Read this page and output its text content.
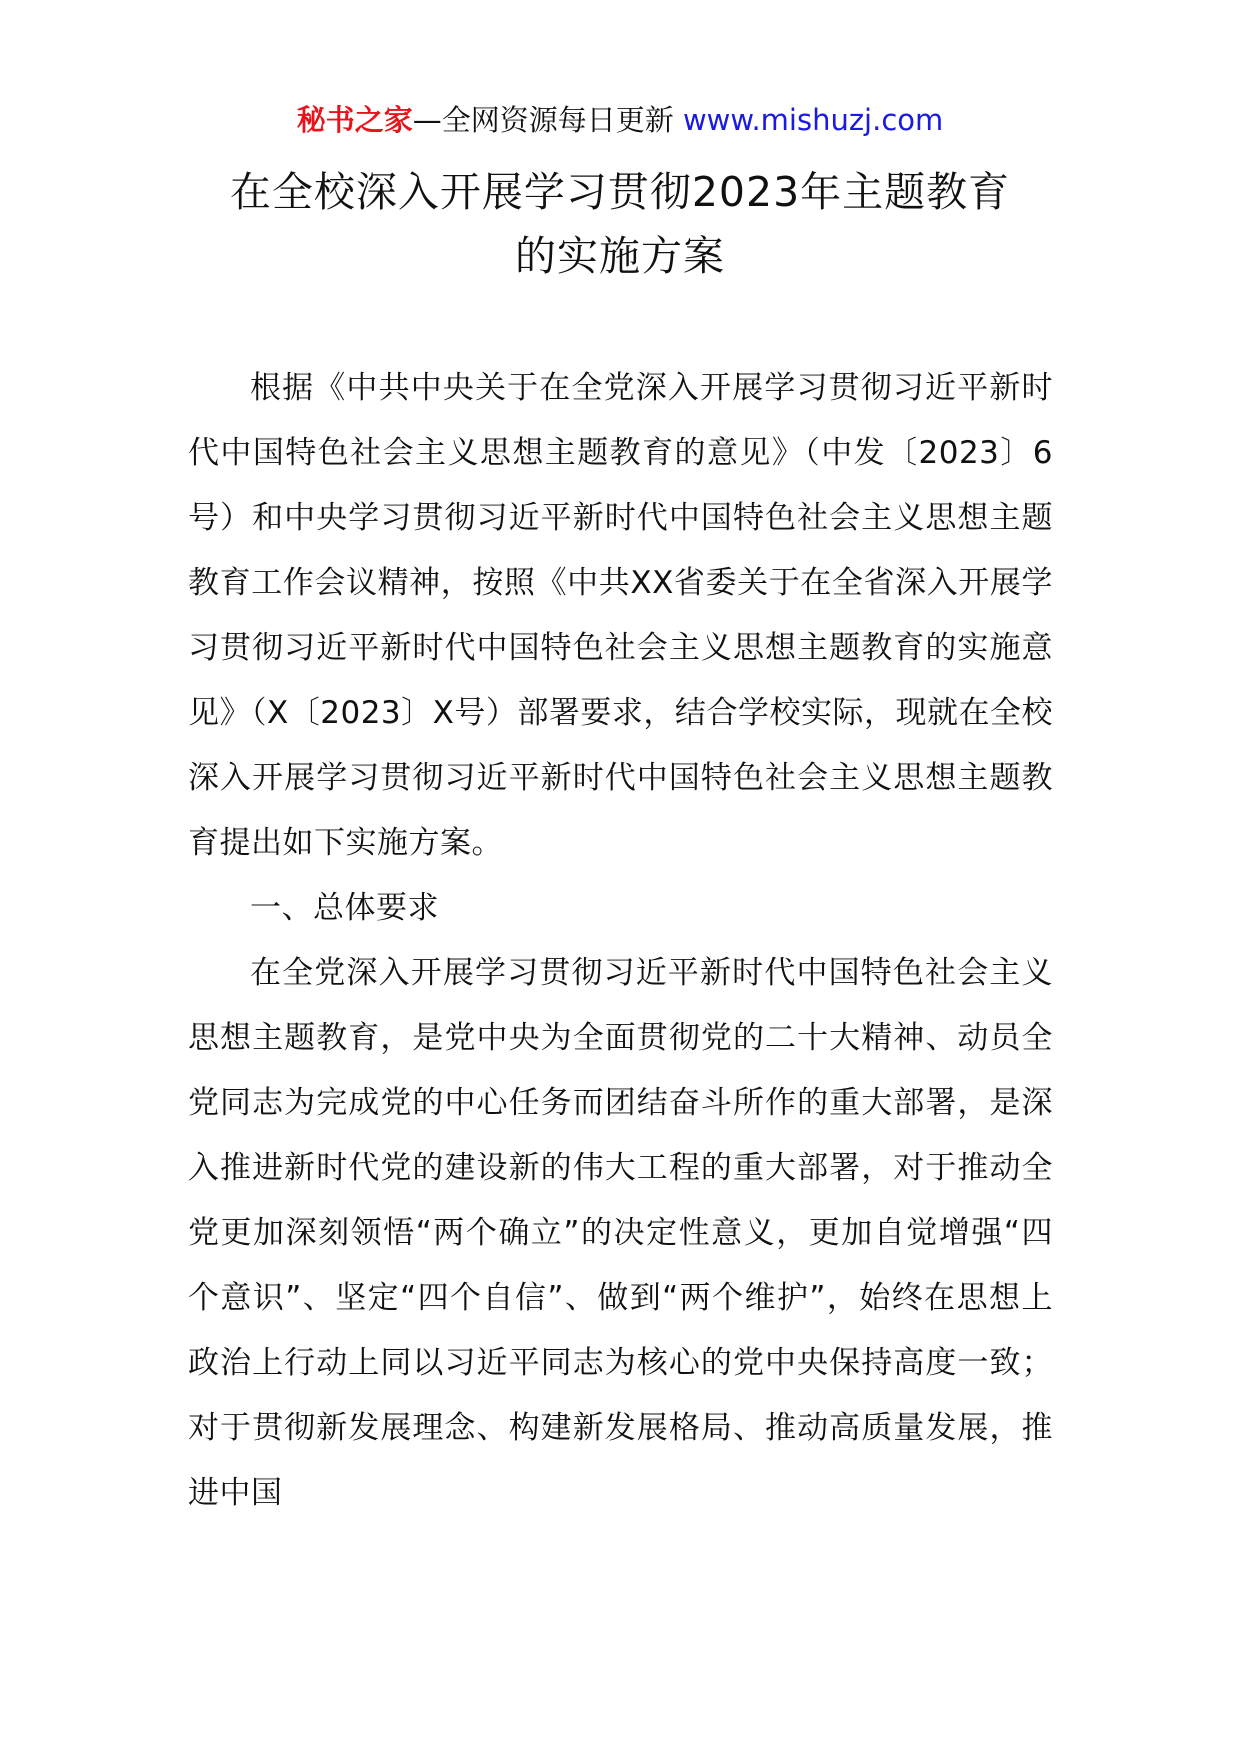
秘书之家—全网资源每日更新 www.mishuzj.com
在全校深入开展学习贯彻2023年主题教育
的实施方案

根据《中共中央关于在全党深入开展学习贯彻习近平新时代中国特色社会主义思想主题教育的意见》（中发〔2023〕6号）和中央学习贯彻习近平新时代中国特色社会主义思想主题教育工作会议精神，按照《中共XX省委关于在全省深入开展学习贯彻习近平新时代中国特色社会主义思想主题教育的实施意见》（X〔2023〕X号）部署要求，结合学校实际，现就在全校深入开展学习贯彻习近平新时代中国特色社会主义思想主题教育提出如下实施方案。

一、总体要求

在全党深入开展学习贯彻习近平新时代中国特色社会主义思想主题教育，是党中央为全面贯彻党的二十大精神、动员全党同志为完成党的中心任务而团结奋斗所作的重大部署，是深入推进新时代党的建设新的伟大工程的重大部署，对于推动全党更加深刻领悟“两个确立”的决定性意义，更加自觉增强“四个意识”、坚定“四个自信”、做到“两个维护”，始终在思想上政治上行动上同以习近平同志为核心的党中央保持高度一致；对于贯彻新发展理念、构建新发展格局、推动高质量发展，推进中国
